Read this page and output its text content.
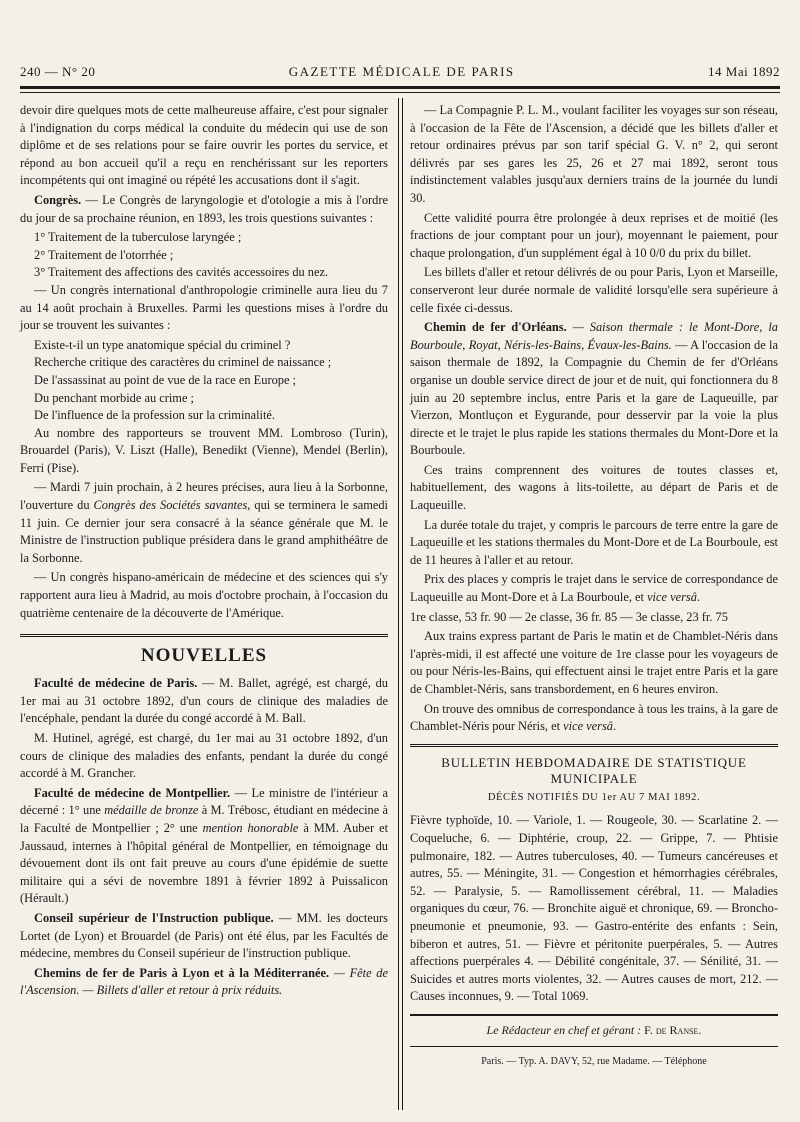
240 — N° 20	GAZETTE MÉDICALE DE PARIS	14 Mai 1892

devoir dire quelques mots de cette malheureuse affaire, c'est pour signaler à l'indignation du corps médical la conduite du médecin qui use de son diplôme et de ses relations pour se faire ouvrir les portes du service, et répond au bon accueil qu'il a reçu en renchérissant sur les reporters incompétents qui ont imaginé ou répété les accusations dont il s'agit.

Congrès. — Le Congrès de laryngologie et d'otologie a mis à l'ordre du jour de sa prochaine réunion, en 1893, les trois questions suivantes :

1° Traitement de la tuberculose laryngée ;
2° Traitement de l'otorrhée ;
3° Traitement des affections des cavités accessoires du nez.

— Un congrès international d'anthropologie criminelle aura lieu du 7 au 14 août prochain à Bruxelles. Parmi les questions mises à l'ordre du jour se trouvent les suivantes :

Existe-t-il un type anatomique spécial du criminel ?
Recherche critique des caractères du criminel de naissance ;
De l'assassinat au point de vue de la race en Europe ;
Du penchant morbide au crime ;
De l'influence de la profession sur la criminalité.

Au nombre des rapporteurs se trouvent MM. Lombroso (Turin), Brouardel (Paris), V. Liszt (Halle), Benedikt (Vienne), Mendel (Berlin), Ferri (Pise).

— Mardi 7 juin prochain, à 2 heures précises, aura lieu à la Sorbonne, l'ouverture du Congrès des Sociétés savantes, qui se terminera le samedi 11 juin. Ce dernier jour sera consacré à la séance générale que M. le Ministre de l'instruction publique présidera dans le grand amphithéâtre de la Sorbonne.

— Un congrès hispano-américain de médecine et des sciences qui s'y rapportent aura lieu à Madrid, au mois d'octobre prochain, à l'occasion du quatrième centenaire de la découverte de l'Amérique.

NOUVELLES

Faculté de médecine de Paris. — M. Ballet, agrégé, est chargé, du 1er mai au 31 octobre 1892, d'un cours de clinique des maladies de l'encéphale, pendant la durée du congé accordé à M. Ball.

M. Hutinel, agrégé, est chargé, du 1er mai au 31 octobre 1892, d'un cours de clinique des maladies des enfants, pendant la durée du congé accordé à M. Grancher.

Faculté de médecine de Montpellier. — Le ministre de l'intérieur a décerné : 1° une médaille de bronze à M. Trébosc, étudiant en médecine à la Faculté de Montpellier ; 2° une mention honorable à MM. Auber et Jaussaud, internes à l'hôpital général de Montpellier, en témoignage du dévouement dont ils ont fait preuve au cours d'une épidémie de suette militaire qui a sévi de novembre 1891 à février 1892 à Puissalicon (Hérault.)

Conseil supérieur de l'Instruction publique. — MM. les docteurs Lortet (de Lyon) et Brouardel (de Paris) ont été élus, par les Facultés de médecine, membres du Conseil supérieur de l'instruction publique.

Chemins de fer de Paris à Lyon et à la Méditerranée. — Fête de l'Ascension. — Billets d'aller et retour à prix réduits.

— La Compagnie P. L. M., voulant faciliter les voyages sur son réseau, à l'occasion de la Fête de l'Ascension, a décidé que les billets d'aller et retour ordinaires prévus par son tarif spécial G. V. n° 2, qui seront délivrés par ses gares les 25, 26 et 27 mai 1892, seront tous indistinctement valables jusqu'aux derniers trains de la journée du lundi 30.

Cette validité pourra être prolongée à deux reprises et de moitié (les fractions de jour comptant pour un jour), moyennant le paiement, pour chaque prolongation, d'un supplément égal à 10 0/0 du prix du billet.

Les billets d'aller et retour délivrés de ou pour Paris, Lyon et Marseille, conserveront leur durée normale de validité lorsqu'elle sera supérieure à celle fixée ci-dessus.

Chemin de fer d'Orléans. — Saison thermale : le Mont-Dore, la Bourboule, Royat, Néris-les-Bains, Évaux-les-Bains. — A l'occasion de la saison thermale de 1892, la Compagnie du Chemin de fer d'Orléans organise un double service direct de jour et de nuit, qui fonctionnera du 8 juin au 20 septembre inclus, entre Paris et la gare de Laqueuille, par Vierzon, Montluçon et Eygurande, pour desservir par la voie la plus directe et le trajet le plus rapide les stations thermales du Mont-Dore et la Bourboule.

Ces trains comprennent des voitures de toutes classes et, habituellement, des wagons à lits-toilette, au départ de Paris et de Laqueuille.

La durée totale du trajet, y compris le parcours de terre entre la gare de Laqueuille et les stations thermales du Mont-Dore et de La Bourboule, est de 11 heures à l'aller et au retour.

Prix des places y compris le trajet dans le service de correspondance de Laqueuille au Mont-Dore et à La Bourboule, et vice versâ.

1re classe, 53 fr. 90 — 2e classe, 36 fr. 85 — 3e classe, 23 fr. 75

Aux trains express partant de Paris le matin et de Chamblet-Néris dans l'après-midi, il est affecté une voiture de 1re classe pour les voyageurs de ou pour Néris-les-Bains, qui effectuent ainsi le trajet entre Paris et la gare de Chamblet-Néris, sans transbordement, en 6 heures environ.

On trouve des omnibus de correspondance à tous les trains, à la gare de Chamblet-Néris pour Néris, et vice versâ.

BULLETIN HEBDOMADAIRE DE STATISTIQUE MUNICIPALE
DÉCÈS NOTIFIÉS DU 1er AU 7 MAI 1892.

Fièvre typhoïde, 10. — Variole, 1. — Rougeole, 30. — Scarlatine 2. — Coqueluche, 6. — Diphtérie, croup, 22. — Grippe, 7. — Phtisie pulmonaire, 182. — Autres tuberculoses, 40. — Tumeurs cancéreuses et autres, 55. — Méningite, 31. — Congestion et hémorrhagies cérébrales, 52. — Paralysie, 5. — Ramollissement cérébral, 11. — Maladies organiques du cœur, 76. — Bronchite aiguë et chronique, 69. — Broncho-pneumonie et pneumonie, 93. — Gastro-entérite des enfants : Sein, biberon et autres, 51. — Fièvre et péritonite puerpérales, 5. — Autres affections puerpérales 4. — Débilité congénitale, 37. — Sénilité, 31. — Suicides et autres morts violentes, 32. — Autres causes de mort, 212. — Causes inconnues, 9. — Total 1069.

Le Rédacteur en chef et gérant : F. de Ranse.
Paris. — Typ. A. DAVY, 52, rue Madame. — Téléphone
